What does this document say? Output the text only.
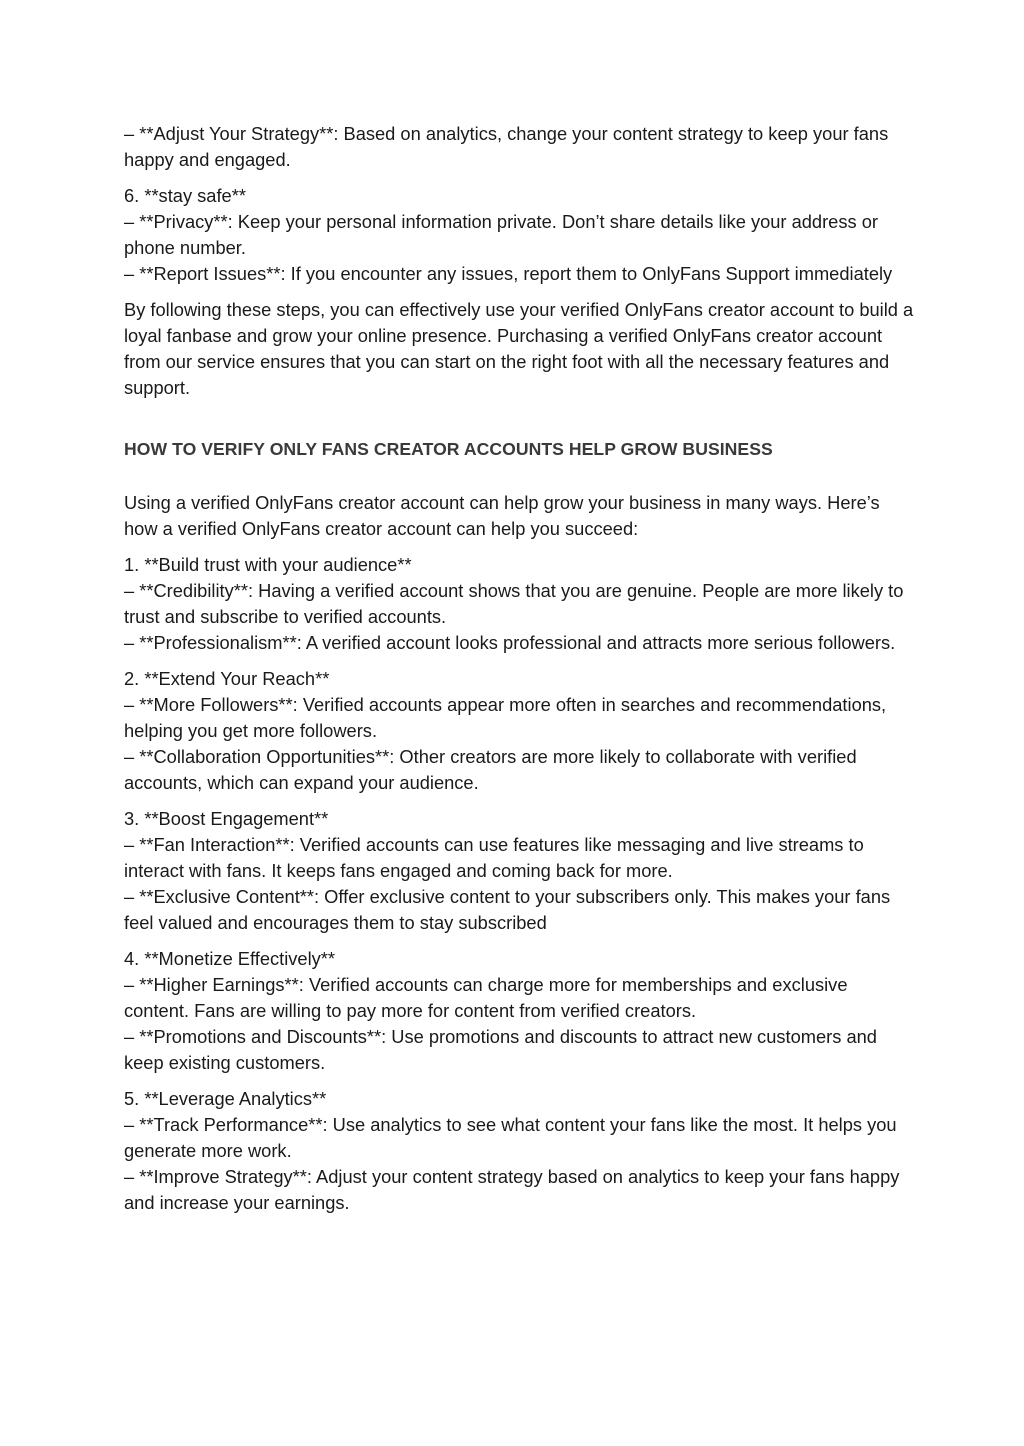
– **Adjust Your Strategy**: Based on analytics, change your content strategy to keep your fans happy and engaged.

6. **stay safe**
– **Privacy**: Keep your personal information private. Don’t share details like your address or phone number.
– **Report Issues**: If you encounter any issues, report them to OnlyFans Support immediately

By following these steps, you can effectively use your verified OnlyFans creator account to build a loyal fanbase and grow your online presence. Purchasing a verified OnlyFans creator account from our service ensures that you can start on the right foot with all the necessary features and support.

HOW TO VERIFY ONLY FANS CREATOR ACCOUNTS HELP GROW BUSINESS

Using a verified OnlyFans creator account can help grow your business in many ways. Here’s how a verified OnlyFans creator account can help you succeed:

1. **Build trust with your audience**
– **Credibility**: Having a verified account shows that you are genuine. People are more likely to trust and subscribe to verified accounts.
– **Professionalism**: A verified account looks professional and attracts more serious followers.

2. **Extend Your Reach**
– **More Followers**: Verified accounts appear more often in searches and recommendations, helping you get more followers.
– **Collaboration Opportunities**: Other creators are more likely to collaborate with verified accounts, which can expand your audience.

3. **Boost Engagement**
– **Fan Interaction**: Verified accounts can use features like messaging and live streams to interact with fans. It keeps fans engaged and coming back for more.
– **Exclusive Content**: Offer exclusive content to your subscribers only. This makes your fans feel valued and encourages them to stay subscribed

4. **Monetize Effectively**
– **Higher Earnings**: Verified accounts can charge more for memberships and exclusive content. Fans are willing to pay more for content from verified creators.
– **Promotions and Discounts**: Use promotions and discounts to attract new customers and keep existing customers.

5. **Leverage Analytics**
– **Track Performance**: Use analytics to see what content your fans like the most. It helps you generate more work.
– **Improve Strategy**: Adjust your content strategy based on analytics to keep your fans happy and increase your earnings.
